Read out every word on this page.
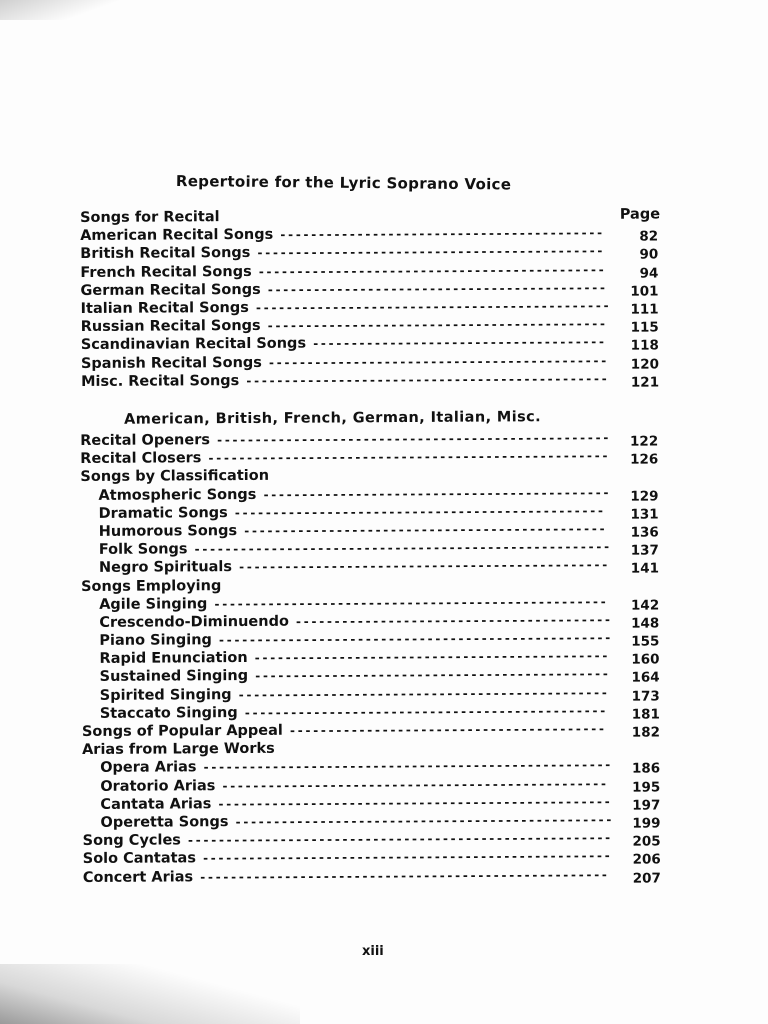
Repertoire for the Lyric Soprano Voice
Songs for Recital	Page
American Recital Songs ------------------------------------------	82
British Recital Songs ---------------------------------------------	90
French Recital Songs ---------------------------------------------	94
German Recital Songs -------------------------------------------- 101
Italian Recital Songs ---------------------------------------------- 111
Russian Recital Songs -------------------------------------------- 115
Scandinavian Recital Songs -------------------------------------- 118
Spanish Recital Songs -------------------------------------------- 120
Misc. Recital Songs ----------------------------------------------- 121
American, British, French, German, Italian, Misc.
Recital Openers --------------------------------------------------- 122
Recital Closers ---------------------------------------------------- 126
Songs by Classification
Atmospheric Songs --------------------------------------------- 129
Dramatic Songs ------------------------------------------------ 131
Humorous Songs ----------------------------------------------- 136
Folk Songs ------------------------------------------------------ 137
Negro Spirituals ------------------------------------------------ 141
Songs Employing
Agile Singing --------------------------------------------------- 142
Crescendo-Diminuendo ----------------------------------------- 148
Piano Singing --------------------------------------------------- 155
Rapid Enunciation ---------------------------------------------- 160
Sustained Singing ---------------------------------------------- 164
Spirited Singing ------------------------------------------------ 173
Staccato Singing ----------------------------------------------- 181
Songs of Popular Appeal ----------------------------------------- 182
Arias from Large Works
Opera Arias ----------------------------------------------------- 186
Oratorio Arias -------------------------------------------------- 195
Cantata Arias --------------------------------------------------- 197
Operetta Songs ------------------------------------------------- 199
Song Cycles ------------------------------------------------------- 205
Solo Cantatas ----------------------------------------------------- 206
Concert Arias ----------------------------------------------------- 207
xiii
